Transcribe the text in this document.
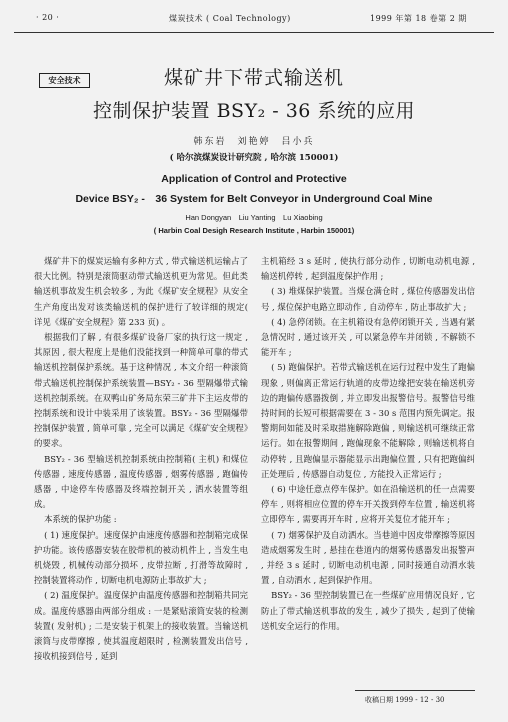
· 20 ·	煤炭技术 ( Coal Technology)	1999 年第 18 卷第 2 期
安全技术	煤矿井下带式输送机
控制保护装置 BSY₂ - 36 系统的应用
韩东岩　刘艳婷　吕小兵
( 哈尔滨煤炭设计研究院 , 哈尔滨 150001)
Application of Control and Protective
Device BSY₂ -　36 System for Belt Conveyor in Underground Coal Mine
Han Dongyan　Liu Yanting　Lu Xiaobing
( Harbin Coal Desigh Research Institute , Harbin 150001)

煤矿井下的煤炭运输有多种方式 , 带式输送机运输占了很大比例。特别是滚筒驱动带式输送机更为常见。但此类输送机事故发生机会较多 , 为此《煤矿安全规程》从安全生产角度出发对该类输送机的保护进行了较详细的规定( 详见《煤矿安全规程》第 233 页) 。

根据我们了解 , 有很多煤矿设备厂家的执行这一规定 , 其原因 , 很大程度上是他们没能找到一种简单可靠的带式输送机控制保护系统。基于这种情况 , 本文介绍一种滚筒带式输送机控制保护系统装置—BSY₂ - 36 型隔爆带式输送机控制系统。在双鸭山矿务局东荣三矿井下主运皮带的控制系统和设计中装采用了该装置。BSY₂ - 36 型隔爆带控制保护装置 , 简单可靠 , 完全可以满足《煤矿安全规程》的要求。

BSY₂ - 36 型输送机控制系统由控制箱( 主机) 和煤位传感器 , 速度传感器 , 温度传感器 , 烟雾传感器 , 跑偏传感器 , 中途停车传感器及终端控制开关 , 洒水装置等组成。

本系统的保护功能 :

( 1) 速度保护。速度保护由速度传感器和控制箱完成保护功能。该传感器安装在胶带机的被动机件上 , 当发生电机烧毁 , 机械传动部分损坏 , 皮带拉断 , 打滑等故障时 , 控制装置将动作 , 切断电机电源防止事故扩大 ;

( 2) 温度保护。温度保护由温度传感器和控制箱共同完成。温度传感器由两部分组成 : 一是紧贴滚筒安装的检测装置( 发射机) ; 二是安装于机架上的接收装置。当输送机滚筒与皮带摩擦 , 使其温度超限时 , 检测装置发出信号 , 接收机接到信号 , 延到

主机箱经 3 s 延时 , 使执行部分动作 , 切断电动机电源 , 输送机停转 , 起到温度保护作用 ;

( 3) 堆煤保护装置。当煤仓满仓时 , 煤位传感器发出信号 , 煤位保护电路立即动作 , 自动停车 , 防止事故扩大 ;

( 4) 急停闭锁。在主机箱设有急停闭锁开关 , 当遇有紧急情况时 , 通过该开关 , 可以紧急停车并闭锁 , 不解锁不能开车 ;

( 5) 跑偏保护。若带式输送机在运行过程中发生了跑偏现象 , 则偏离正常运行轨道的皮带边缘把安装在输送机旁边的跑偏传感器拨倒 , 并立即发出报警信号。报警信号维持时间的长短可根据需要在 3 - 30 s 范围内预先调定。报警期间如能及时采取措施解除跑偏 , 则输送机可继续正常运行。如在报警期间 , 跑偏现象不能解除 , 则输送机将自动停转 , 且跑偏显示器能显示出跑偏位置 , 只有把跑偏纠正处理后 , 传感器自动复位 , 方能投入正常运行 ;

( 6) 中途任意点停车保护。如在沿输送机的任一点需要停车 , 则将相应位置的停车开关拨到停车位置 , 输送机将立即停车 , 需要再开车时 , 应将开关复位才能开车 ;

( 7) 烟雾保护及自动洒水。当巷道中因皮带摩擦等原因造成烟雾发生时 , 悬挂在巷道内的烟雾传感器发出报警声 , 并经 3 s 延时 , 切断电动机电源 , 同时接通自动洒水装置 , 自动洒水 , 起到保护作用。

BSY₂ - 36 型控制装置已在一些煤矿应用情况良好 , 它防止了带式输送机事故的发生 , 减少了损失 , 起到了使输送机安全运行的作用。

收稿日期 1999 - 12 - 30
